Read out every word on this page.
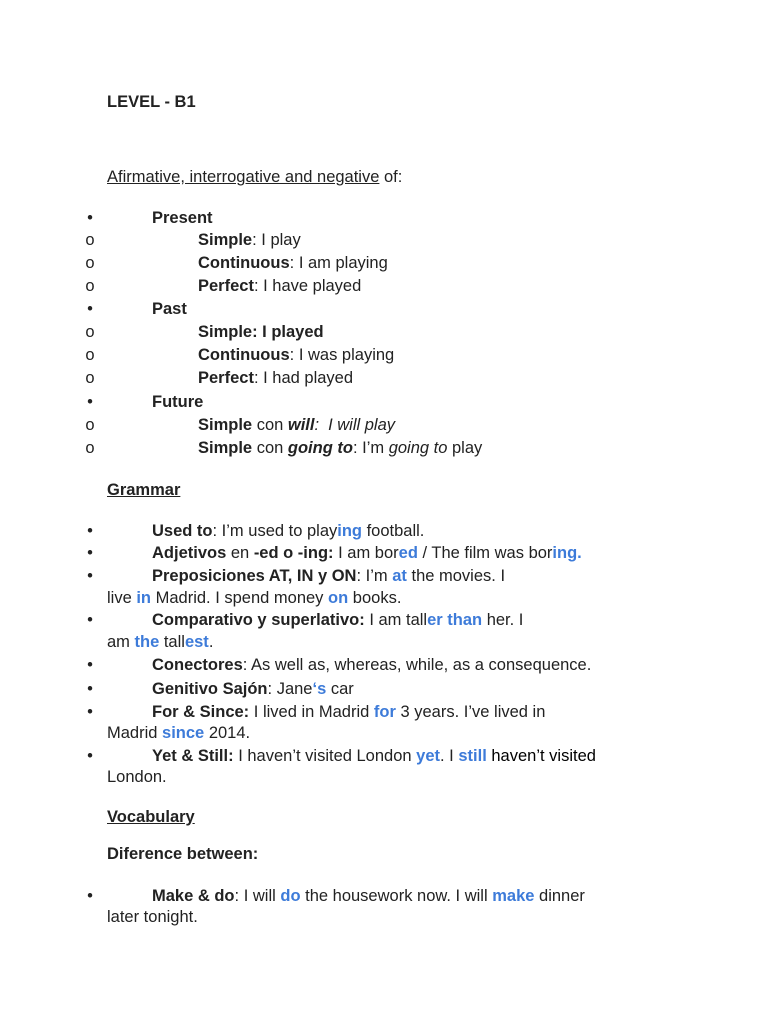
LEVEL - B1
Afirmative, interrogative and negative of:
•	Present
o	Simple: I play
o	Continuous: I am playing
o	Perfect: I have played
•	Past
o	Simple: I played
o	Continuous: I was playing
o	Perfect: I had played
•	Future
o	Simple con will: I will play
o	Simple con going to: I’m going to play
Grammar
•	Used to: I’m used to playing football.
•	Adjetivos en -ed o -ing: I am bored / The film was boring.
•	Preposiciones AT, IN y ON: I’m at the movies. I
live in Madrid. I spend money on books.
•	Comparativo y superlativo: I am taller than her. I
am the tallest.
•	Conectores: As well as, whereas, while, as a consequence.
•	Genitivo Sajón: Jane‘s car
•	For & Since: I lived in Madrid for 3 years. I’ve lived in
Madrid since 2014.
•	Yet & Still: I haven’t visited London yet. I still haven’t visited
London.
Vocabulary
Diference between:
•	Make & do: I will do the housework now. I will make dinner
later tonight.
